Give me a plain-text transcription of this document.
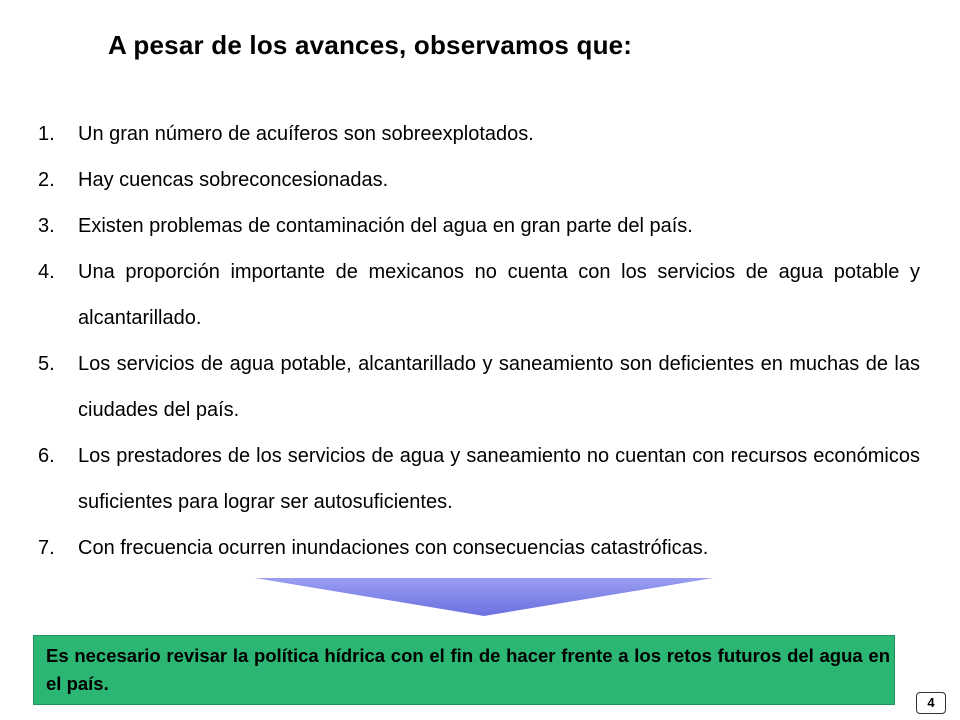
A pesar de los avances, observamos que:
1. Un gran número de acuíferos son sobreexplotados.
2. Hay cuencas sobreconcesionadas.
3. Existen problemas de contaminación del agua en gran parte del país.
4. Una proporción importante de mexicanos no cuenta con los servicios de agua potable y alcantarillado.
5. Los servicios de agua potable, alcantarillado y saneamiento son deficientes en muchas de las ciudades del país.
6. Los prestadores de los servicios de agua y saneamiento no cuentan con recursos económicos suficientes para lograr ser autosuficientes.
7. Con frecuencia ocurren inundaciones con consecuencias catastróficas.
Es necesario revisar la política hídrica con el fin de hacer frente a los retos futuros del agua en el país.
4
